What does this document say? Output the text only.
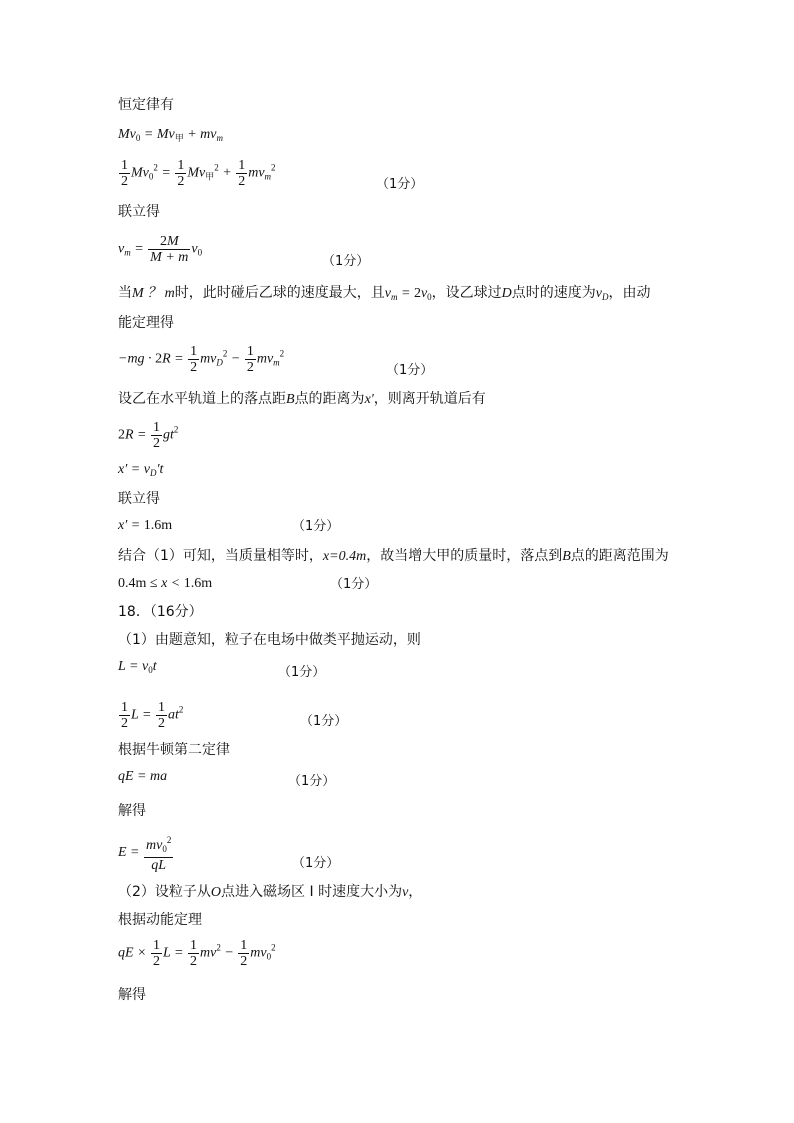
恒定律有
$Mv_0 = Mv_甲 + mv_m$
$\frac{1}{2} Mv_0^2 = \frac{1}{2} Mv_甲^2 + \frac{1}{2} mv_m^2$
（1分）
联立得
$v_m = \frac{2M}{M + m} v_0$
（1分）
当M ？ m时，此时碰后乙球的速度最大，且$v_m = 2v_0$，设乙球过D点时的速度为$v_D$，由动
能定理得
$-mg \cdot 2R = \frac{1}{2} mv_D^2 - \frac{1}{2} mv_m^2$
（1分）
设乙在水平轨道上的落点距B点的距离为x'，则离开轨道后有
$2R = \frac{1}{2} gt^2$
$x' = v_D't$
联立得
x′ = 1.6m	（1分）
结合（1）可知，当质量相等时，x=0.4m，故当增大甲的质量时，落点到B点的距离范围为
0.4m ≤ x < 1.6m	（1分）
18．（16分）
（1）由题意知，粒子在电场中做类平抛运动，则
$L = v_0t$	（1分）
$\frac{1}{2}$ $L = \frac{1}{2} at^2$
（1分）
根据牛顿第二定律
qE = ma	（1分）
解得
$E = \frac{mv_0^2}{qL}$	（1分）
（2）设粒子从O点进入磁场区 I 时速度大小为v，
根据动能定理
qE × $\frac{1}{2}$ $L = \frac{1}{2} mv^2 - \frac{1}{2} mv_0^2$
解得
